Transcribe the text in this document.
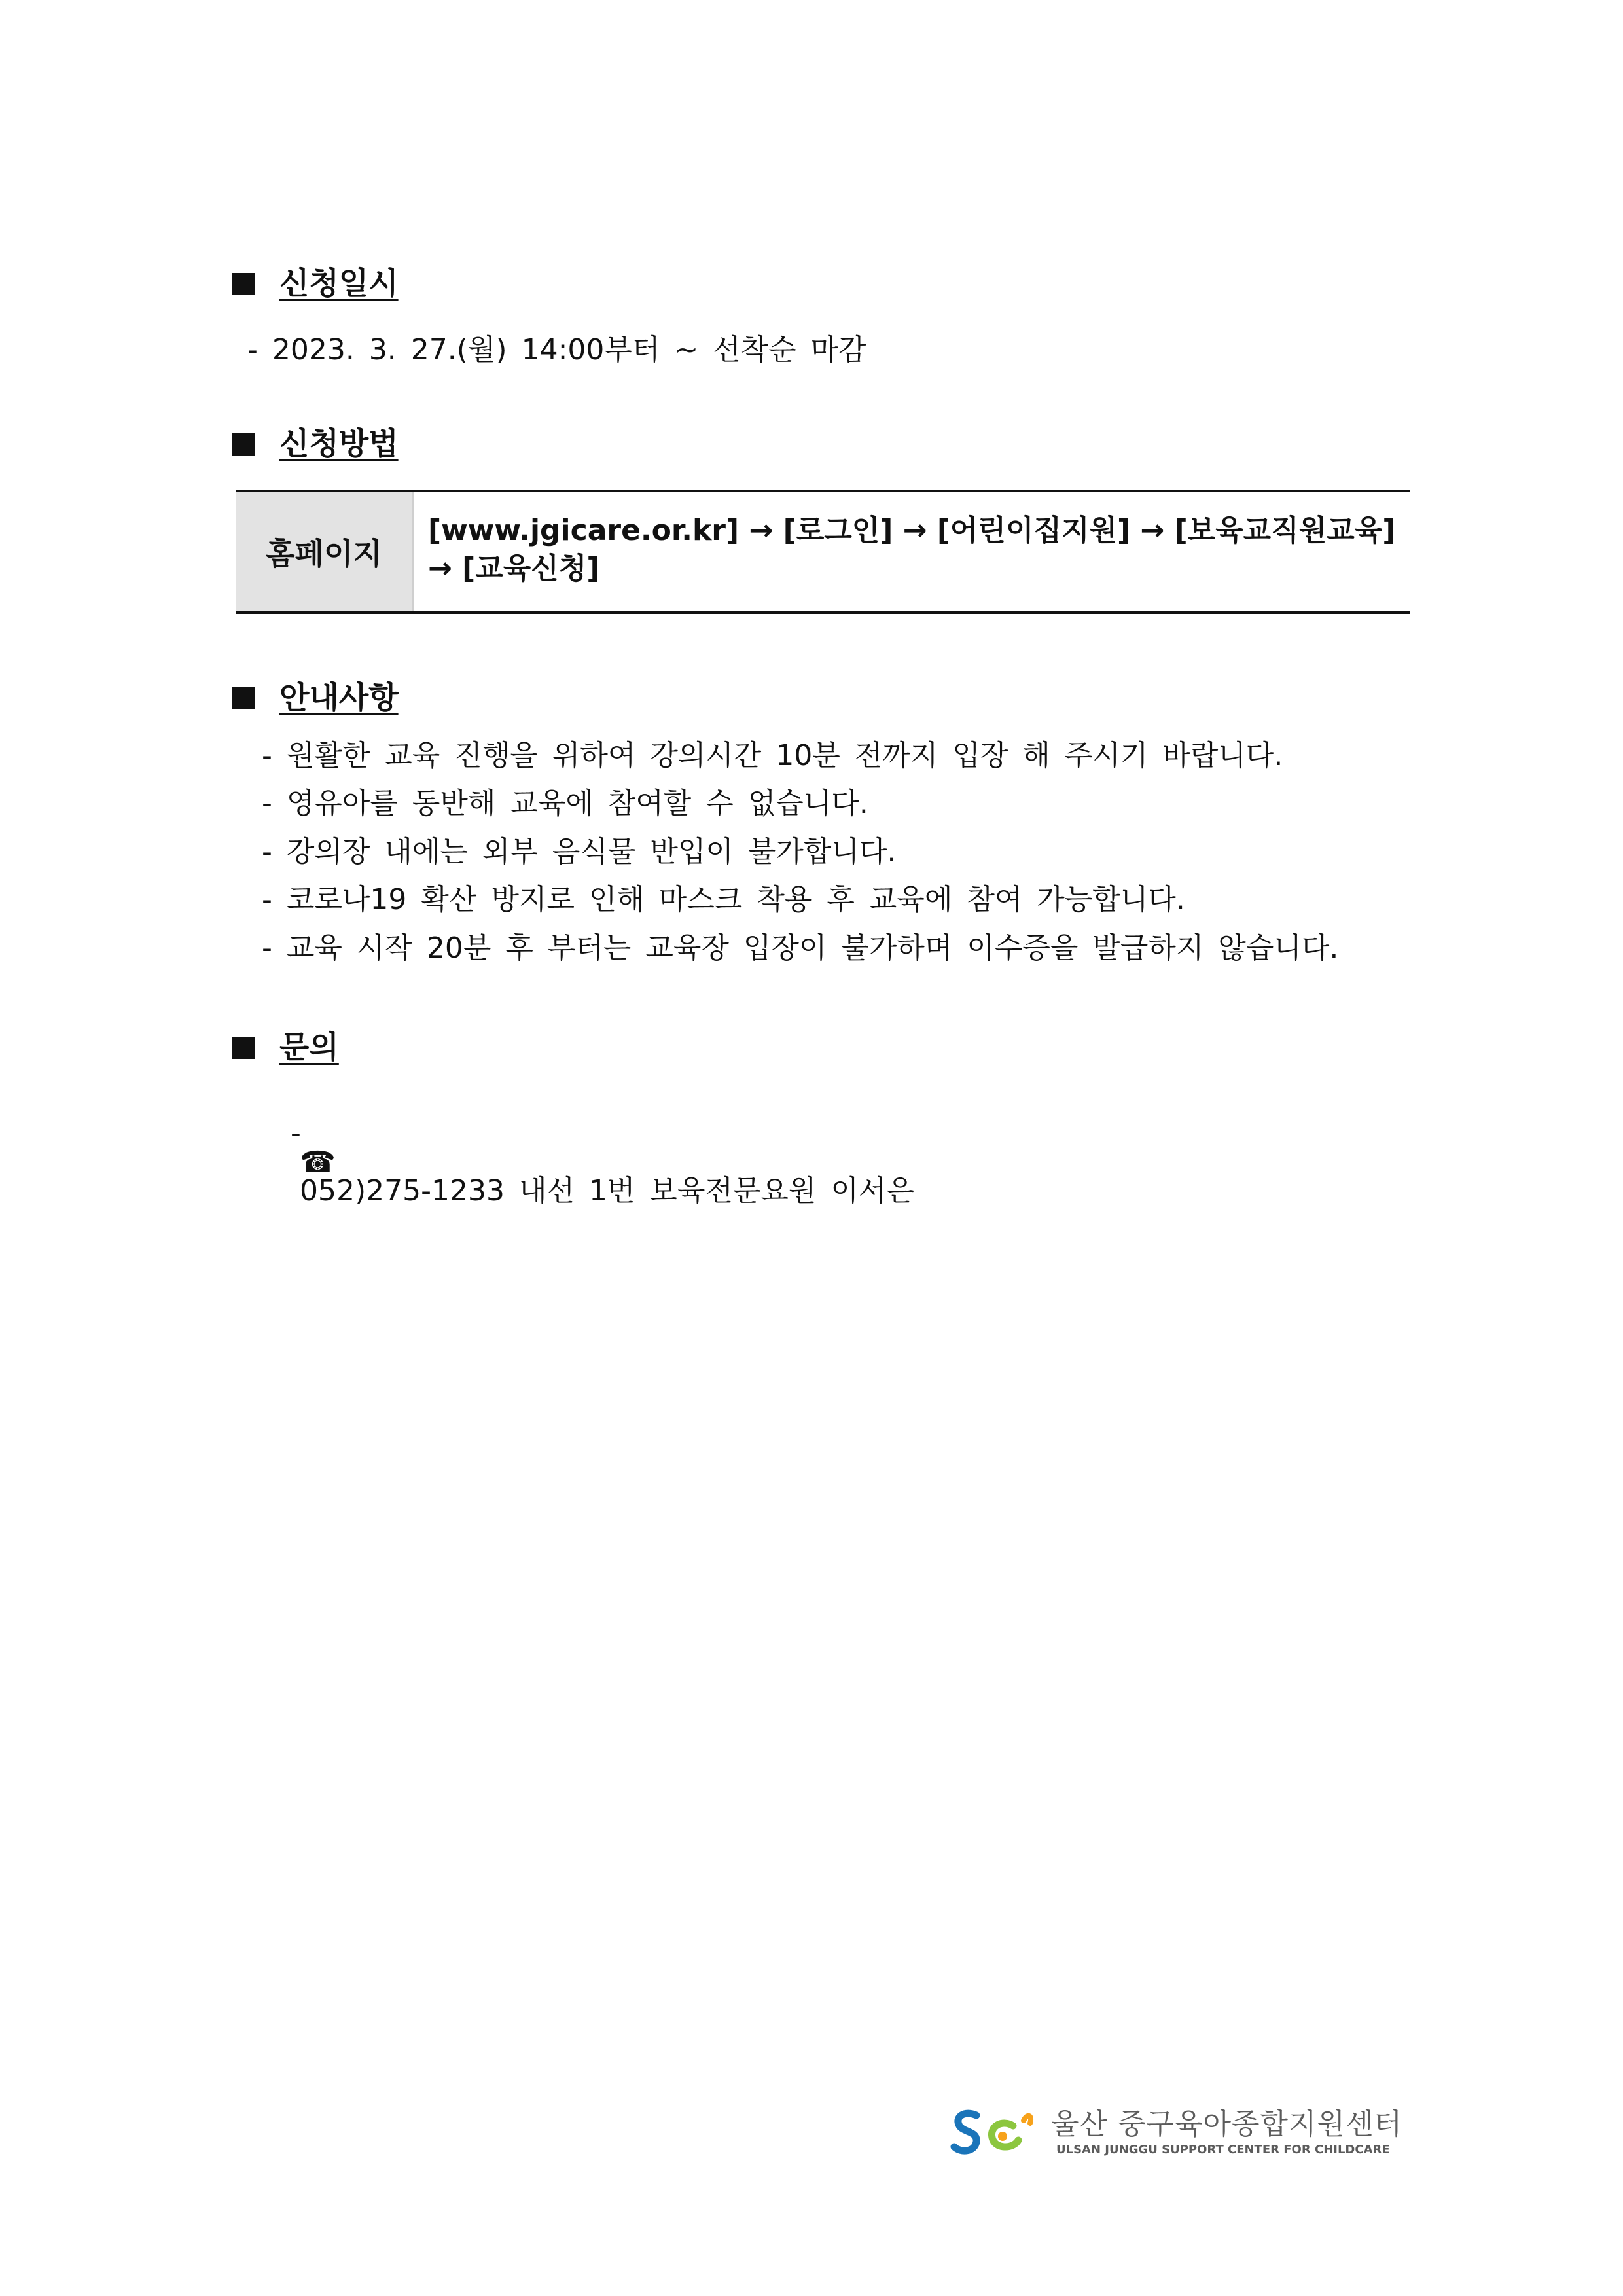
신청일시
- 2023. 3. 27.(월) 14:00부터 ~ 선착순 마감
신청방법
홈페이지
[www.jgicare.or.kr] → [로그인] → [어린이집지원] → [보육교직원교육]
→ [교육신청]
안내사항
- 원활한 교육 진행을 위하여 강의시간 10분 전까지 입장 해 주시기 바랍니다.
- 영유아를 동반해 교육에 참여할 수 없습니다.
- 강의장 내에는 외부 음식물 반입이 불가합니다.
- 코로나19 확산 방지로 인해 마스크 착용 후 교육에 참여 가능합니다.
- 교육 시작 20분 후 부터는 교육장 입장이 불가하며 이수증을 발급하지 않습니다.
문의

-
☎
052)275-1233 내선 1번 보육전문요원 이서은

울산 중구육아종합지원센터
ULSAN JUNGGU SUPPORT CENTER FOR CHILDCARE
